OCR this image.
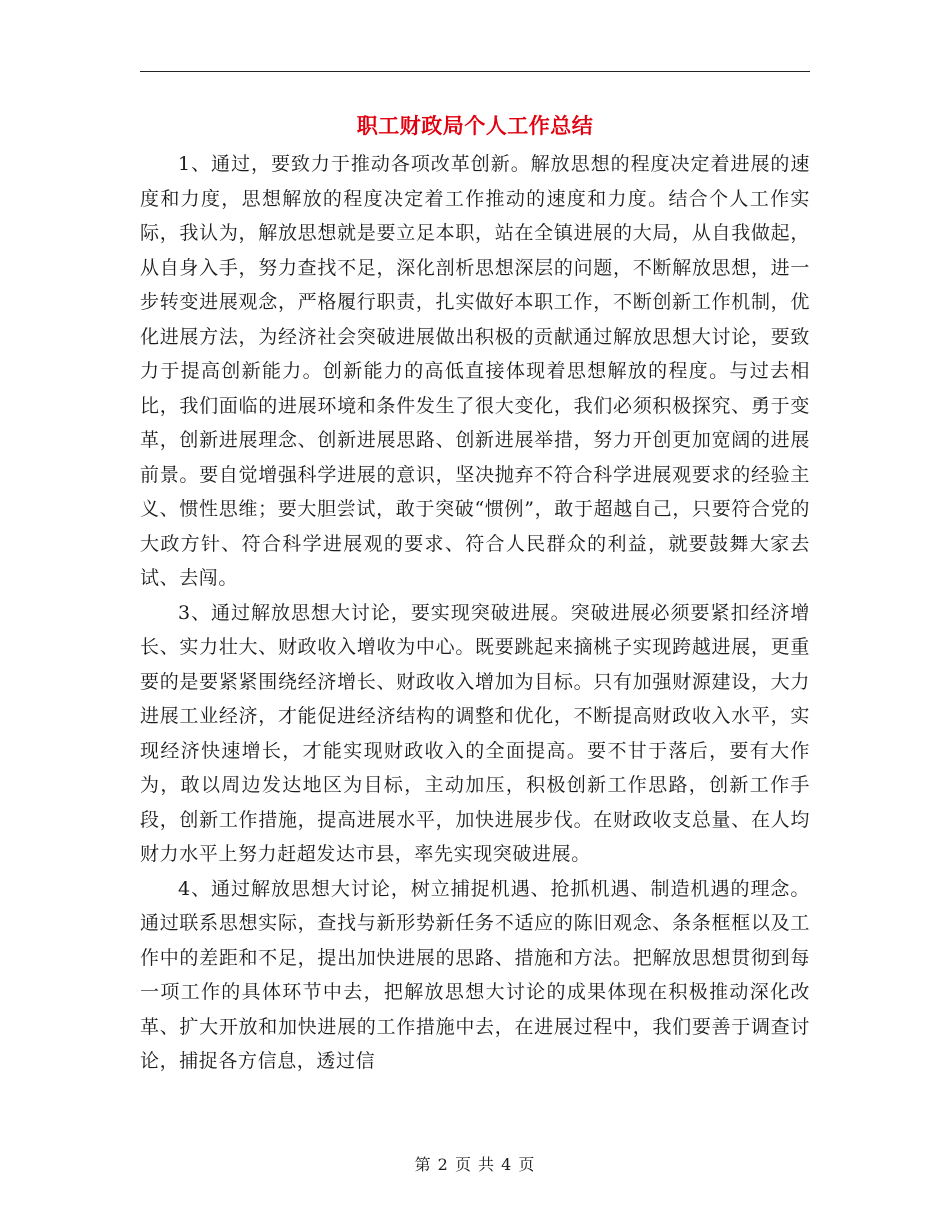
职工财政局个人工作总结

1、通过，要致力于推动各项改革创新。解放思想的程度决定着进展的速度和力度，思想解放的程度决定着工作推动的速度和力度。结合个人工作实际，我认为，解放思想就是要立足本职，站在全镇进展的大局，从自我做起，从自身入手，努力查找不足，深化剖析思想深层的问题，不断解放思想，进一步转变进展观念，严格履行职责，扎实做好本职工作，不断创新工作机制，优化进展方法，为经济社会突破进展做出积极的贡献通过解放思想大讨论，要致力于提高创新能力。创新能力的高低直接体现着思想解放的程度。与过去相比，我们面临的进展环境和条件发生了很大变化，我们必须积极探究、勇于变革，创新进展理念、创新进展思路、创新进展举措，努力开创更加宽阔的进展前景。要自觉增强科学进展的意识，坚决抛弃不符合科学进展观要求的经验主义、惯性思维；要大胆尝试，敢于突破“惯例”，敢于超越自己，只要符合党的大政方针、符合科学进展观的要求、符合人民群众的利益，就要鼓舞大家去试、去闯。

3、通过解放思想大讨论，要实现突破进展。突破进展必须要紧扣经济增长、实力壮大、财政收入增收为中心。既要跳起来摘桃子实现跨越进展，更重要的是要紧紧围绕经济增长、财政收入增加为目标。只有加强财源建设，大力进展工业经济，才能促进经济结构的调整和优化，不断提高财政收入水平，实现经济快速增长，才能实现财政收入的全面提高。要不甘于落后，要有大作为，敢以周边发达地区为目标，主动加压，积极创新工作思路，创新工作手段，创新工作措施，提高进展水平，加快进展步伐。在财政收支总量、在人均财力水平上努力赶超发达市县，率先实现突破进展。

4、通过解放思想大讨论，树立捕捉机遇、抢抓机遇、制造机遇的理念。通过联系思想实际，查找与新形势新任务不适应的陈旧观念、条条框框以及工作中的差距和不足，提出加快进展的思路、措施和方法。把解放思想贯彻到每一项工作的具体环节中去，把解放思想大讨论的成果体现在积极推动深化改革、扩大开放和加快进展的工作措施中去，在进展过程中，我们要善于调查讨论，捕捉各方信息，透过信

第 2 页 共 4 页
